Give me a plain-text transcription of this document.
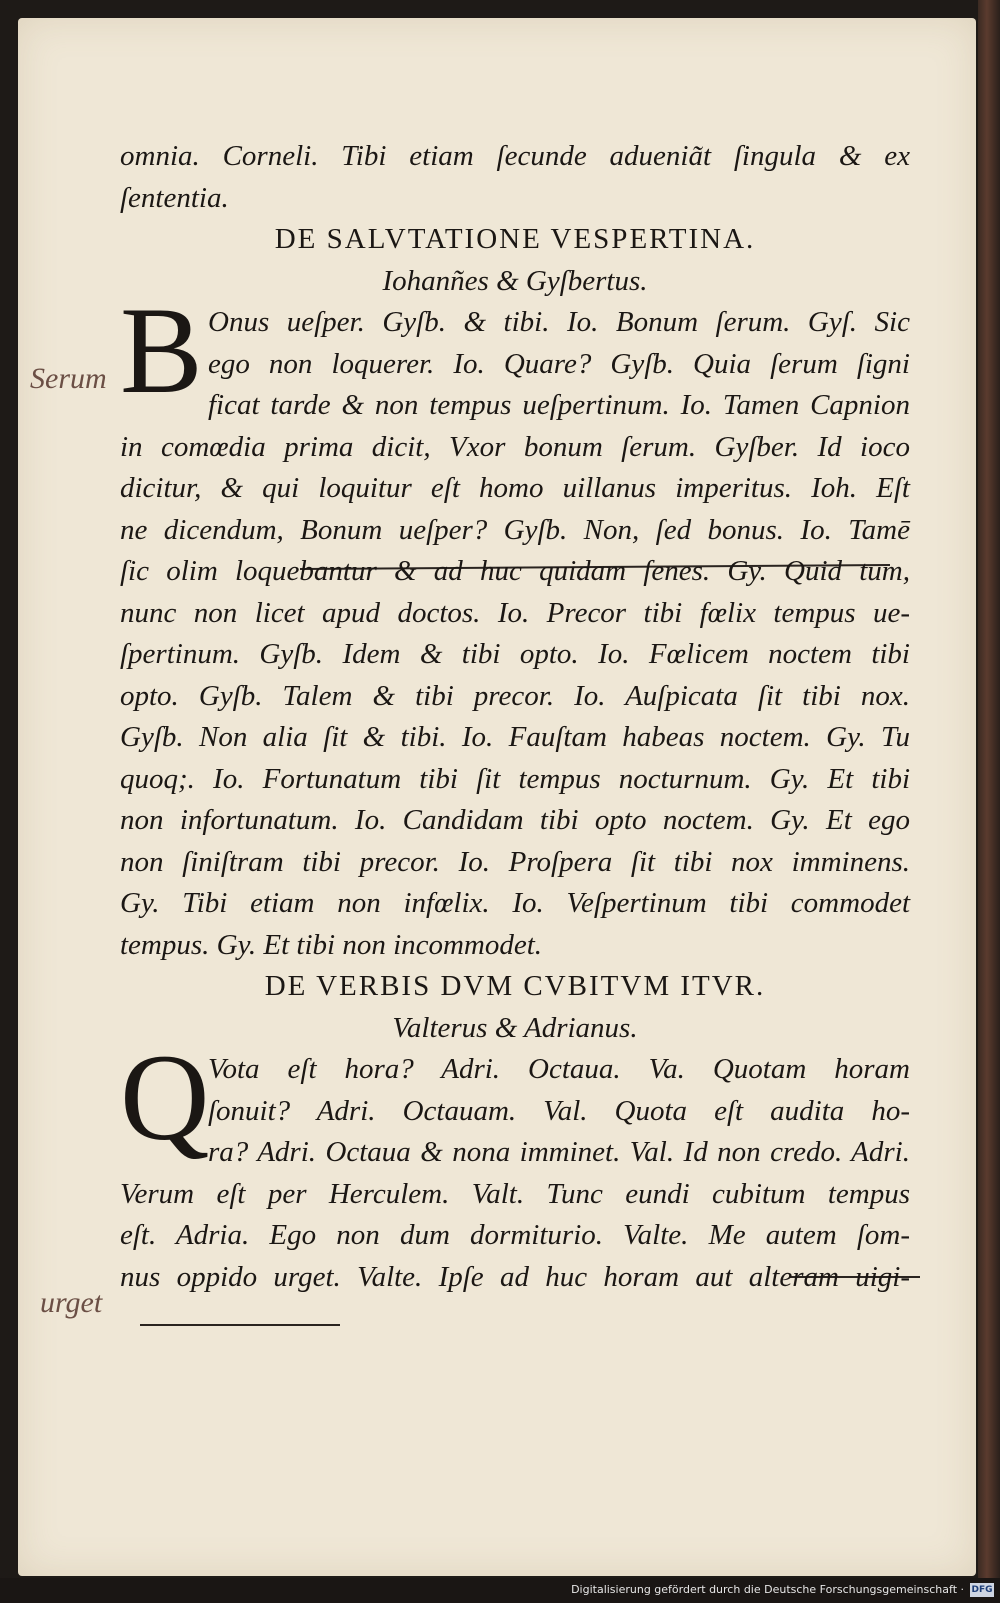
Serum
urget
omnia. Corneli. Tibi etiam ſecunde aduenia͂t ſingula & ex
ſententia.
DE SALVTATIONE VESPERTINA.
Iohanñes & Gyſbertus.
B Onus ueſper. Gyſb. & tibi. Io. Bonum ſerum. Gyſ. Sic
ego non loquerer. Io. Quare? Gyſb. Quia ſerum ſigni
ficat tarde & non tempus ueſpertinum. Io. Tamen Capnion
in comœdia prima dicit, Vxor bonum ſerum. Gyſber. Id ioco
dicitur, & qui loquitur eſt homo uillanus imperitus. Ioh. Eſt
ne dicendum, Bonum ueſper? Gyſb. Non, ſed bonus. Io. Tamē
ſic olim loquebantur & ad huc quidam ſenes. Gy. Quid tum,
nunc non licet apud doctos. Io. Precor tibi fœlix tempus ue-
ſpertinum. Gyſb. Idem & tibi opto. Io. Fœlicem noctem tibi
opto. Gyſb. Talem & tibi precor. Io. Auſpicata ſit tibi nox.
Gyſb. Non alia ſit & tibi. Io. Fauſtam habeas noctem. Gy. Tu
quoq;. Io. Fortunatum tibi ſit tempus nocturnum. Gy. Et tibi
non infortunatum. Io. Candidam tibi opto noctem. Gy. Et ego
non ſiniſtram tibi precor. Io. Proſpera ſit tibi nox imminens.
Gy. Tibi etiam non infœlix. Io. Veſpertinum tibi commodet
tempus. Gy. Et tibi non incommodet.
DE VERBIS DVM CVBITVM ITVR.
Valterus & Adrianus.
Q
Vota eſt hora? Adri. Octaua. Va. Quotam horam
ſonuit? Adri. Octauam. Val. Quota eſt audita ho-
ra? Adri. Octaua & nona imminet. Val. Id non credo. Adri.
Verum eſt per Herculem. Valt. Tunc eundi cubitum tempus
eſt. Adria. Ego non dum dormiturio. Valte. Me autem ſom-
nus oppido urget. Valte. Ipſe ad huc horam aut alteram uigi-
Digitalisierung gefördert durch die Deutsche Forschungsgemeinschaft · DFG
